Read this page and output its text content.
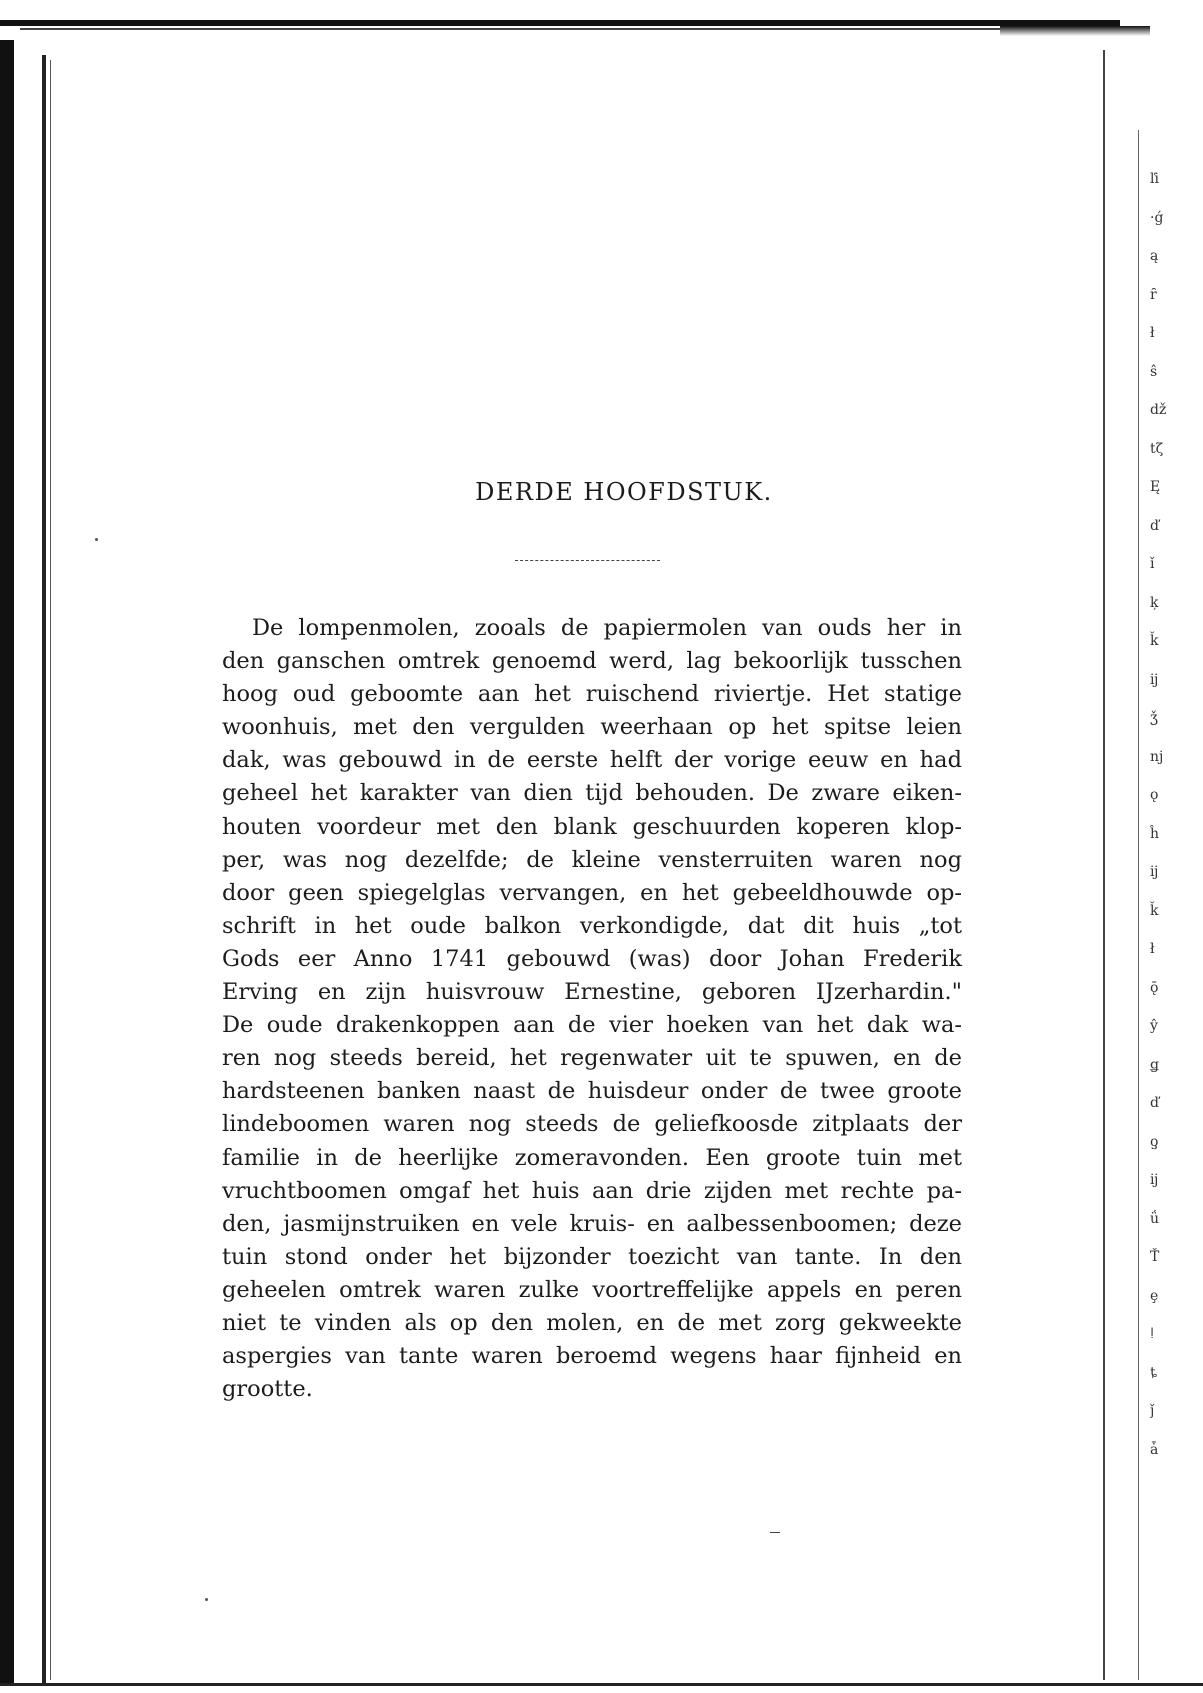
ľi
·ǵ
ą
ȓ
ł
ŝ
ǆ
tζ
Ę
ď
ǐ
ķ
ǩ
ĳ
ǯ
ǌ
ǫ
ĥ
ĳ
ǩ
ł
ǭ
ŷ
ǥ
ď
ƍ
ĳ
ǘ
Ť
ȩ
ǃ
ȶ
ǰ
ǡ
DERDE HOOFDSTUK.

De lompenmolen, zooals de papiermolen van ouds her in
den ganschen omtrek genoemd werd, lag bekoorlijk tusschen
hoog oud geboomte aan het ruischend riviertje. Het statige
woonhuis, met den vergulden weerhaan op het spitse leien
dak, was gebouwd in de eerste helft der vorige eeuw en had
geheel het karakter van dien tijd behouden. De zware eiken-
houten voordeur met den blank geschuurden koperen klop-
per, was nog dezelfde; de kleine vensterruiten waren nog
door geen spiegelglas vervangen, en het gebeeldhouwde op-
schrift in het oude balkon verkondigde, dat dit huis „tot
Gods eer Anno 1741 gebouwd (was) door Johan Frederik
Erving en zijn huisvrouw Ernestine, geboren IJzerhardin."
De oude drakenkoppen aan de vier hoeken van het dak wa-
ren nog steeds bereid, het regenwater uit te spuwen, en de
hardsteenen banken naast de huisdeur onder de twee groote
lindeboomen waren nog steeds de geliefkoosde zitplaats der
familie in de heerlijke zomeravonden. Een groote tuin met
vruchtboomen omgaf het huis aan drie zijden met rechte pa-
den, jasmijnstruiken en vele kruis- en aalbessenboomen; deze
tuin stond onder het bijzonder toezicht van tante. In den
geheelen omtrek waren zulke voortreffelijke appels en peren
niet te vinden als op den molen, en de met zorg gekweekte
aspergies van tante waren beroemd wegens haar fijnheid en
grootte.
